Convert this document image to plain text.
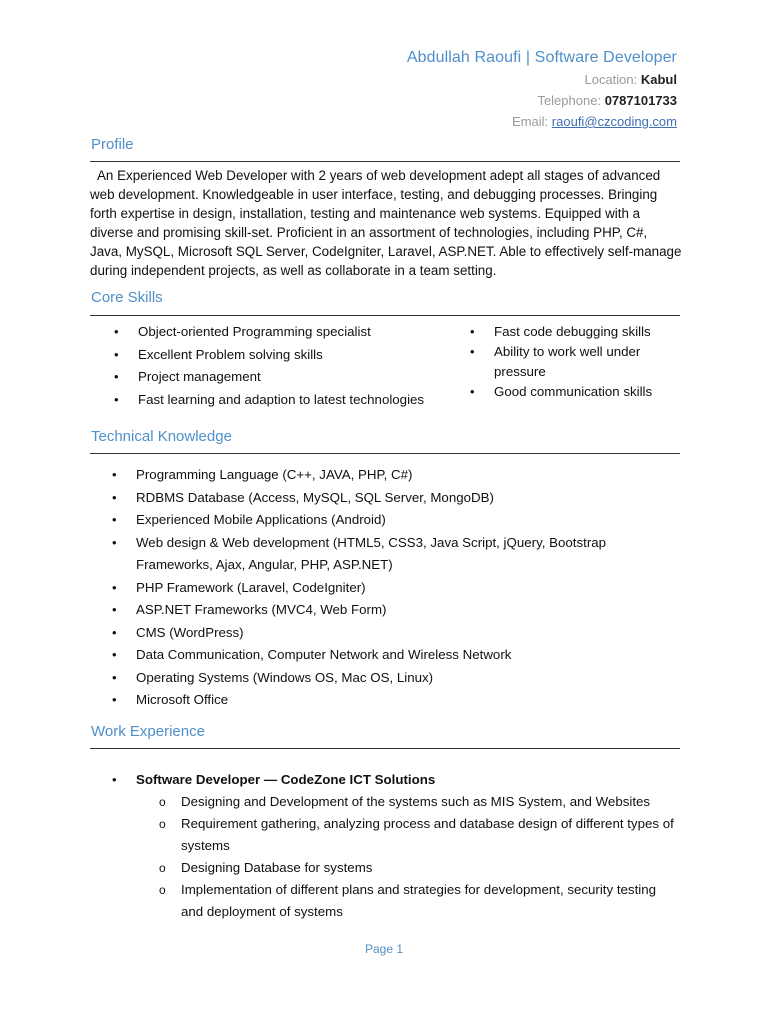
Abdullah Raoufi | Software Developer
Location: Kabul
Telephone: 0787101733
Email: raoufi@czcoding.com
Profile
An Experienced Web Developer with 2 years of web development adept all stages of advanced web development. Knowledgeable in user interface, testing, and debugging processes. Bringing forth expertise in design, installation, testing and maintenance web systems. Equipped with a diverse and promising skill-set. Proficient in an assortment of technologies, including PHP, C#, Java, MySQL, Microsoft SQL Server, CodeIgniter, Laravel, ASP.NET. Able to effectively self-manage during independent projects, as well as collaborate in a team setting.
Core Skills
• Object-oriented Programming specialist
• Excellent Problem solving skills
• Project management
• Fast learning and adaption to latest technologies
• Fast code debugging skills
• Ability to work well under pressure
• Good communication skills
Technical Knowledge
• Programming Language (C++, JAVA, PHP, C#)
• RDBMS Database (Access, MySQL, SQL Server, MongoDB)
• Experienced Mobile Applications (Android)
• Web design & Web development (HTML5, CSS3, Java Script, jQuery, Bootstrap Frameworks, Ajax, Angular, PHP, ASP.NET)
• PHP Framework (Laravel, CodeIgniter)
• ASP.NET Frameworks (MVC4, Web Form)
• CMS (WordPress)
• Data Communication, Computer Network and Wireless Network
• Operating Systems (Windows OS, Mac OS, Linux)
• Microsoft Office
Work Experience
• Software Developer — CodeZone ICT Solutions
o Designing and Development of the systems such as MIS System, and Websites
o Requirement gathering, analyzing process and database design of different types of systems
o Designing Database for systems
o Implementation of different plans and strategies for development, security testing and deployment of systems
Page 1
